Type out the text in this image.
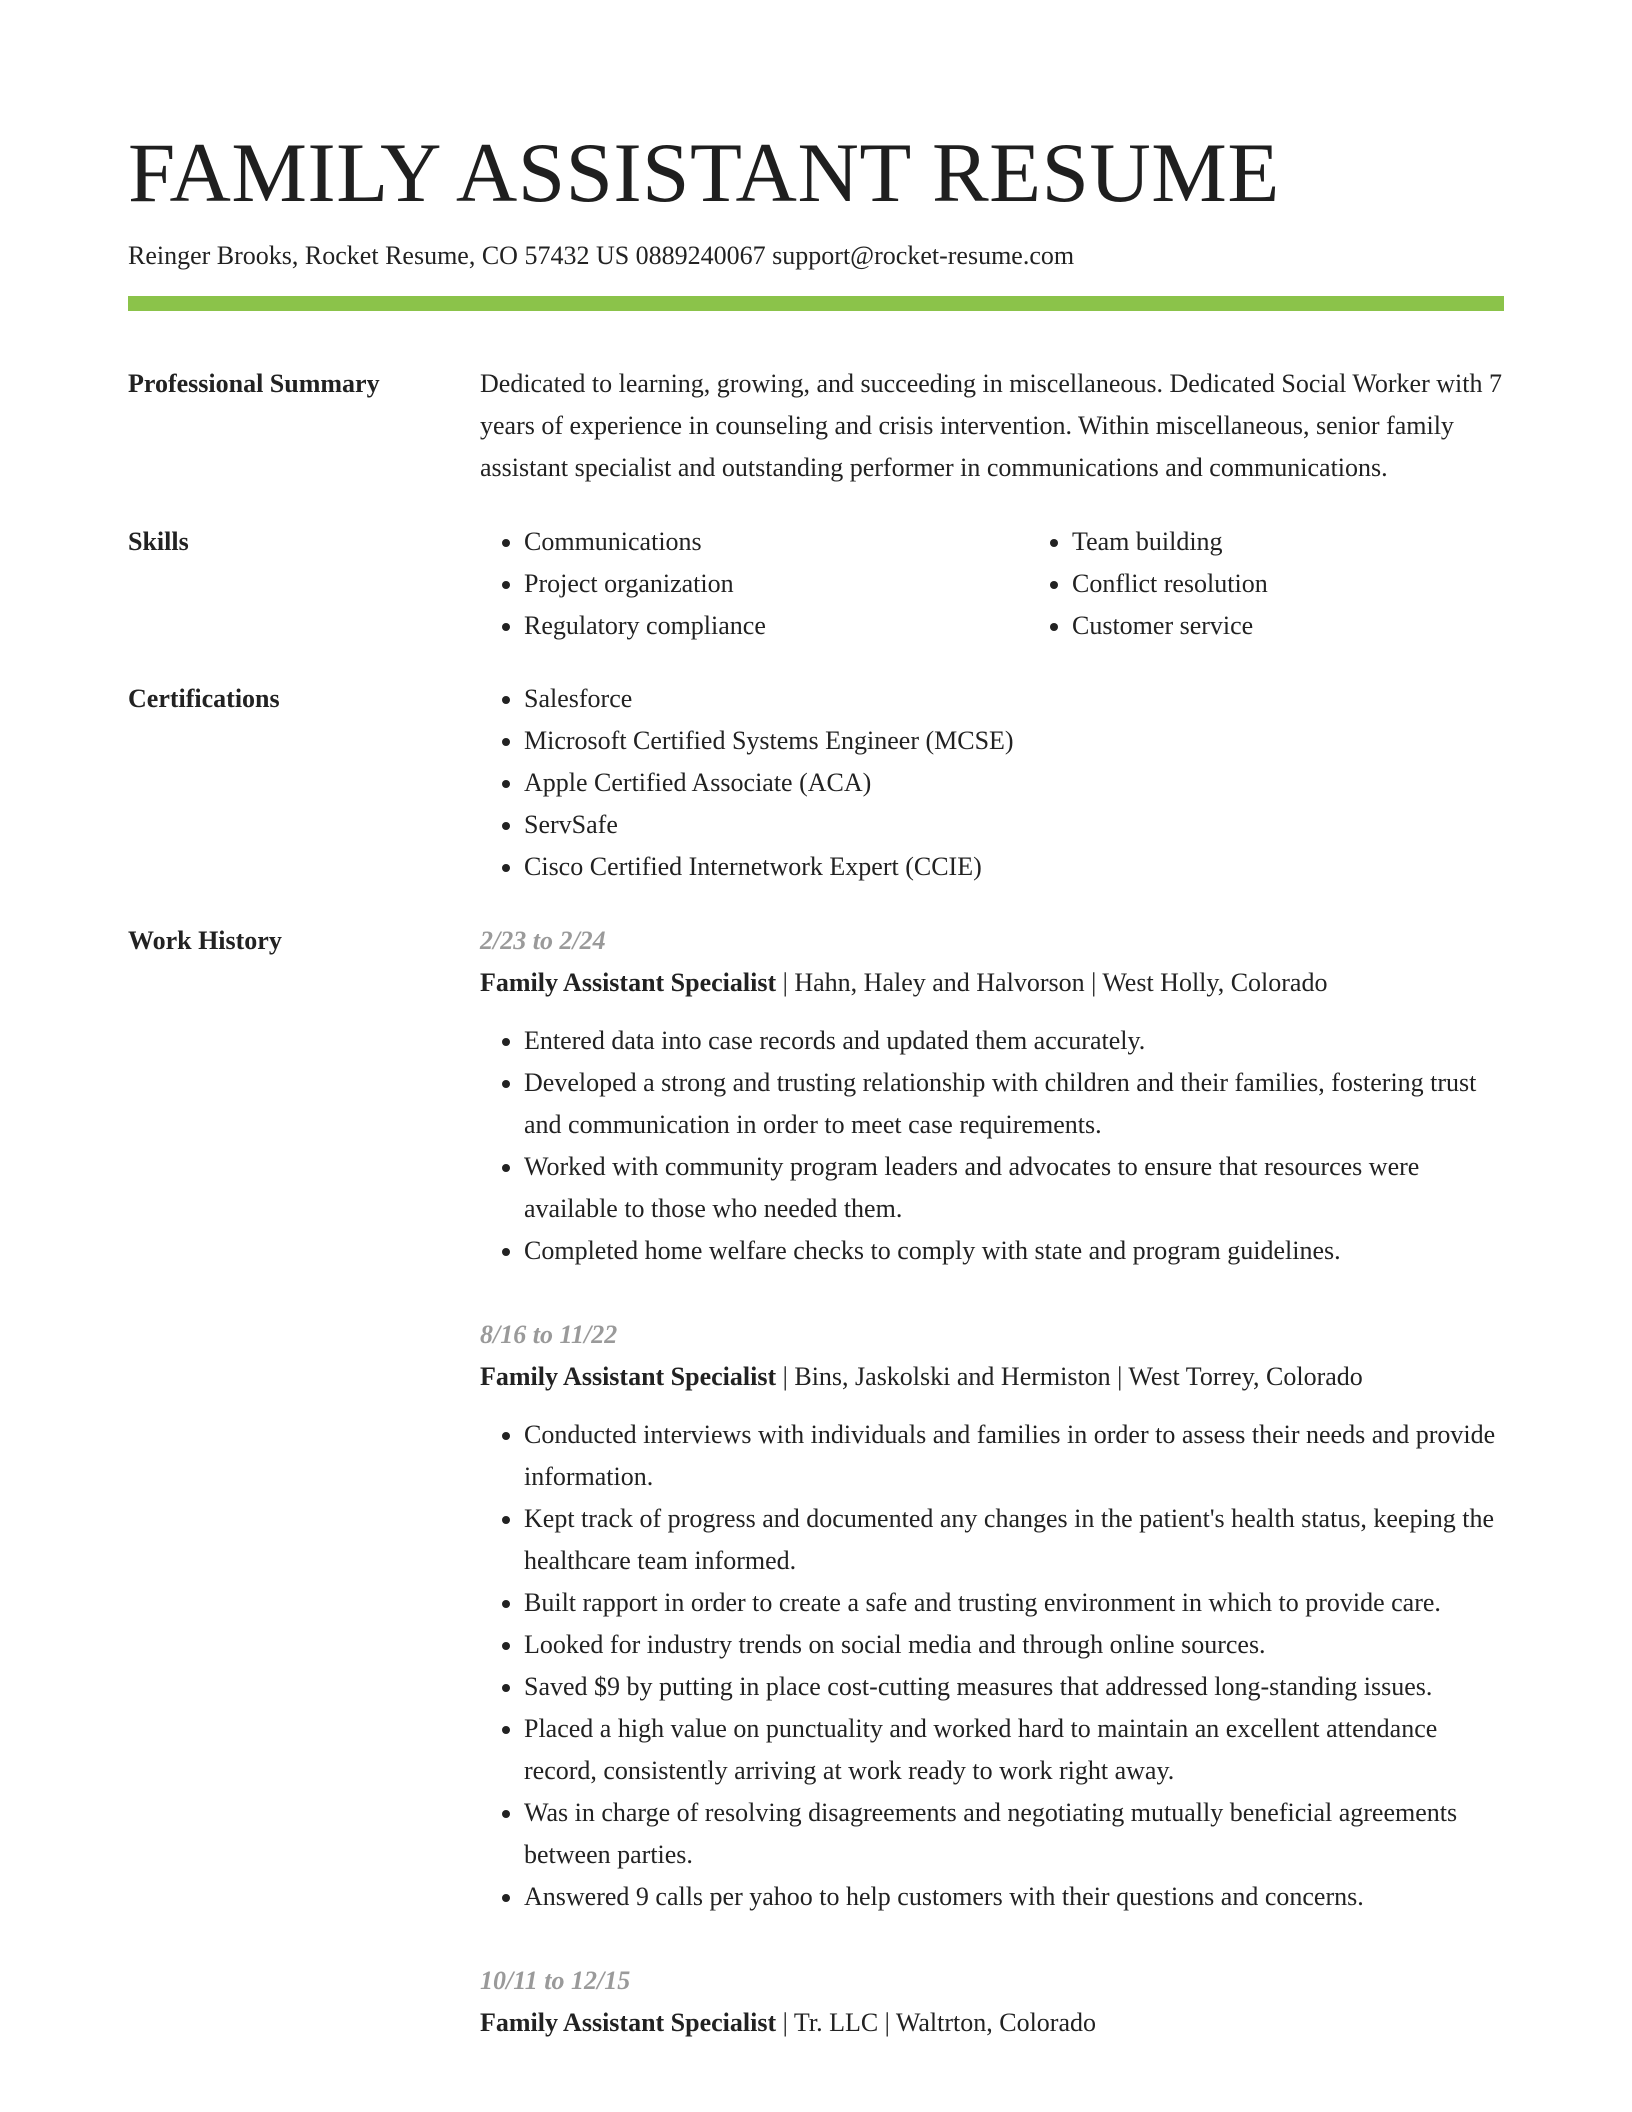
FAMILY ASSISTANT RESUME
Reinger Brooks, Rocket Resume, CO 57432 US 0889240067 support@rocket-resume.com
Professional Summary	Dedicated to learning, growing, and succeeding in miscellaneous. Dedicated Social Worker with 7 years of experience in counseling and crisis intervention. Within miscellaneous, senior family assistant specialist and outstanding performer in communications and communications.

Skills	• Communications
• Project organization
• Regulatory compliance
• Team building
• Conflict resolution
• Customer service
Certifications	• Salesforce
• Microsoft Certified Systems Engineer (MCSE)
• Apple Certified Associate (ACA)
• ServSafe
• Cisco Certified Internetwork Expert (CCIE)
Work History	2/23 to 2/24
Family Assistant Specialist | Hahn, Haley and Halvorson | West Holly, Colorado
• Entered data into case records and updated them accurately.
• Developed a strong and trusting relationship with children and their families, fostering trust and communication in order to meet case requirements.
• Worked with community program leaders and advocates to ensure that resources were available to those who needed them.
• Completed home welfare checks to comply with state and program guidelines.
8/16 to 11/22
Family Assistant Specialist | Bins, Jaskolski and Hermiston | West Torrey, Colorado
• Conducted interviews with individuals and families in order to assess their needs and provide information.
• Kept track of progress and documented any changes in the patient's health status, keeping the healthcare team informed.
• Built rapport in order to create a safe and trusting environment in which to provide care.
• Looked for industry trends on social media and through online sources.
• Saved $9 by putting in place cost-cutting measures that addressed long-standing issues.
• Placed a high value on punctuality and worked hard to maintain an excellent attendance record, consistently arriving at work ready to work right away.
• Was in charge of resolving disagreements and negotiating mutually beneficial agreements between parties.
• Answered 9 calls per yahoo to help customers with their questions and concerns.
10/11 to 12/15
Family Assistant Specialist | Tr. LLC | Waltrton, Colorado
